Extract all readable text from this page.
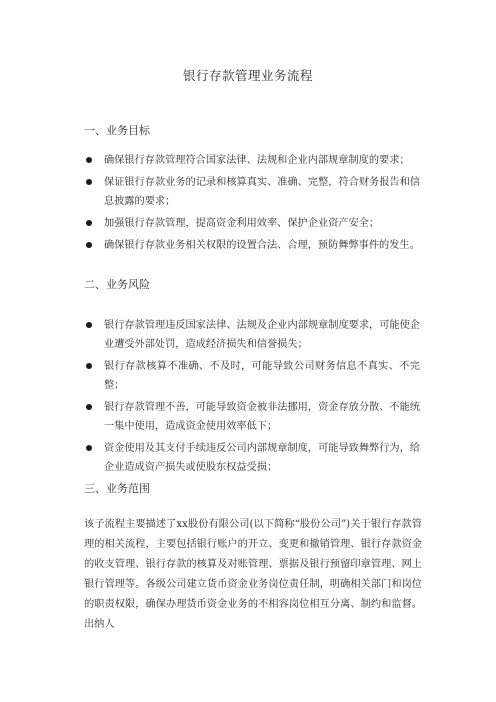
银行存款管理业务流程
一、业务目标
确保银行存款管理符合国家法律、法规和企业内部规章制度的要求；
保证银行存款业务的记录和核算真实、准确、完整，符合财务报告和信息披露的要求；
加强银行存款管理，提高资金利用效率、保护企业资产安全；
确保银行存款业务相关权限的设置合法、合理，预防舞弊事件的发生。
二、业务风险
银行存款管理违反国家法律、法规及企业内部规章制度要求，可能使企业遭受外部处罚，造成经济损失和信誉损失；
银行存款核算不准确、不及时，可能导致公司财务信息不真实、不完整；
银行存款管理不善，可能导致资金被非法挪用，资金存放分散、不能统一集中使用，造成资金使用效率低下；
资金使用及其支付手续违反公司内部规章制度，可能导致舞弊行为，给企业造成资产损失或使股东权益受损；
三、业务范围

该子流程主要描述了xx股份有限公司(以下简称“股份公司”)关于银行存款管理的相关流程，主要包括银行账户的开立、变更和撤销管理、银行存款资金的收支管理、银行存款的核算及对账管理、票据及银行预留印章管理、网上银行管理等。各级公司建立货币资金业务岗位责任制，明确相关部门和岗位的职责权限，确保办理货币资金业务的不相容岗位相互分离、制约和监督。出纳人
